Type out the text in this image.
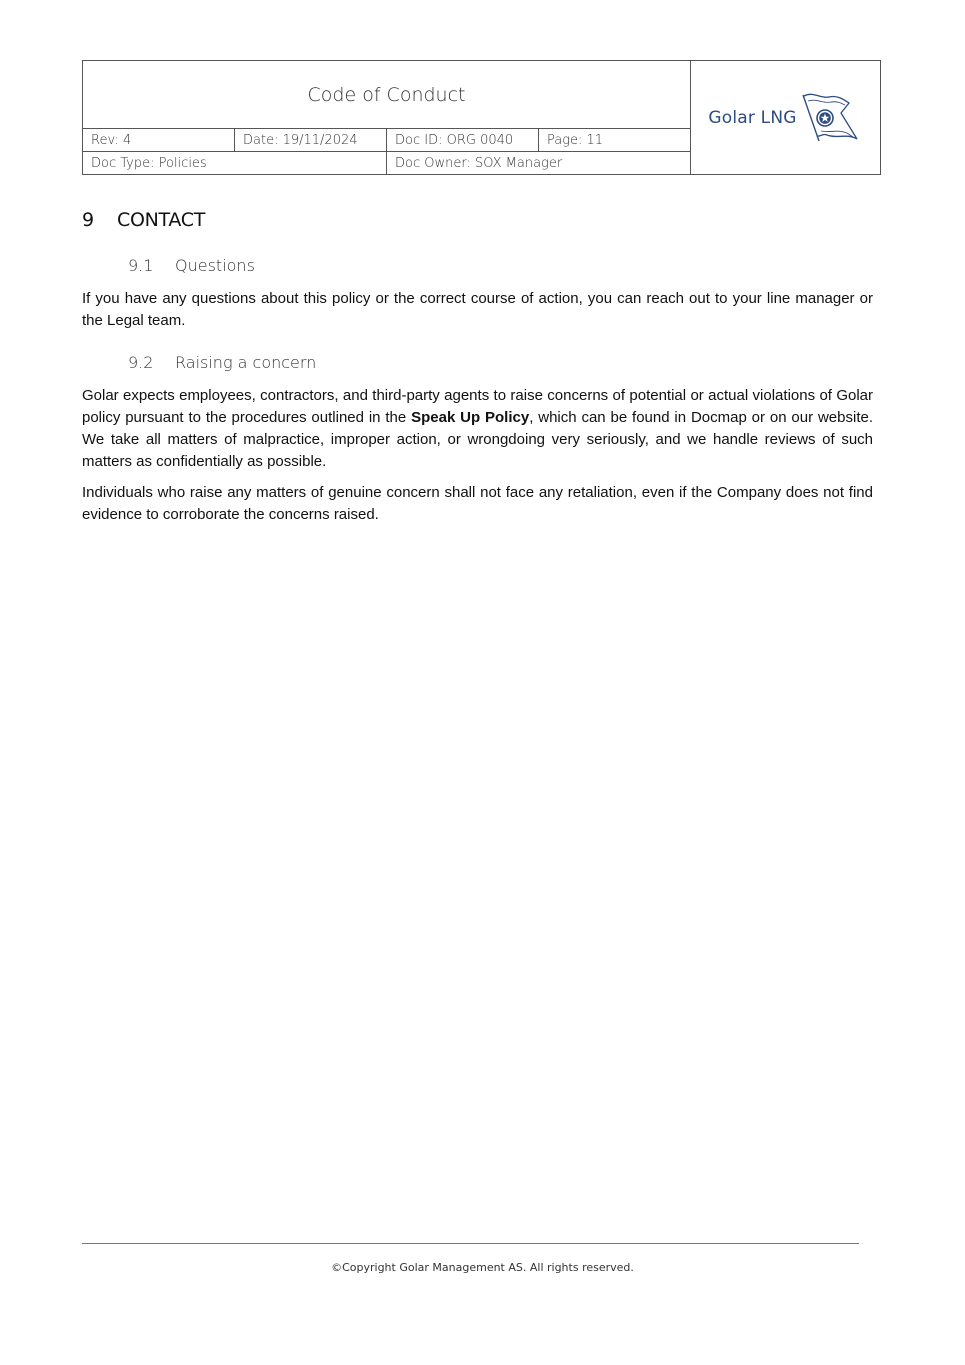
Code of Conduct
Rev: 4	Date: 19/11/2024	Doc ID: ORG 0040	Page: 11
Doc Type: Policies	Doc Owner: SOX Manager
Golar LNG
9 CONTACT
9.1 Questions

If you have any questions about this policy or the correct course of action, you can reach out to your line manager or the Legal team.

9.2 Raising a concern

Golar expects employees, contractors, and third-party agents to raise concerns of potential or actual violations of Golar policy pursuant to the procedures outlined in the Speak Up Policy, which can be found in Docmap or on our website. We take all matters of malpractice, improper action, or wrongdoing very seriously, and we handle reviews of such matters as confidentially as possible.

Individuals who raise any matters of genuine concern shall not face any retaliation, even if the Company does not find evidence to corroborate the concerns raised.

©Copyright Golar Management AS. All rights reserved.
